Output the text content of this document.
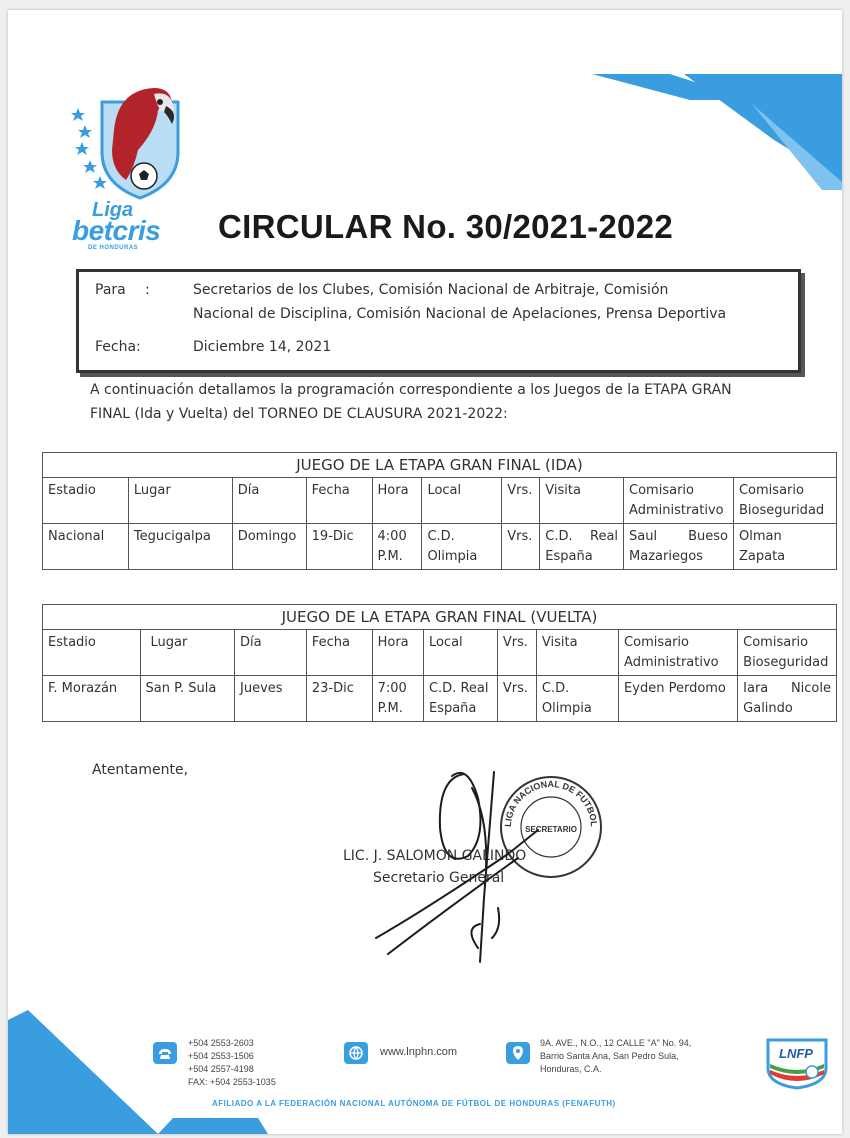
Liga
betcris
DE HONDURAS
CIRCULAR No. 30/2021-2022
Para :	Secretarios de los Clubes, Comisión Nacional de Arbitraje, Comisión
Nacional de Disciplina, Comisión Nacional de Apelaciones, Prensa Deportiva
Fecha:	Diciembre 14, 2021
A continuación detallamos la programación correspondiente a los Juegos de la ETAPA GRAN
FINAL (Ida y Vuelta) del TORNEO DE CLAUSURA 2021-2022:
JUEGO DE LA ETAPA GRAN FINAL (IDA)									
Estadio	Lugar	Día	Fecha	Hora	Local	Vrs.	Visita	Comisario Administrativo	Comisario Bioseguridad
Nacional	Tegucigalpa	Domingo	19-Dic	4:00 P.M.	C.D. Olimpia	Vrs.	C.D. Real España	Saul Bueso Mazariegos	Olman Zapata
JUEGO DE LA ETAPA GRAN FINAL (VUELTA)									
Estadio	Lugar	Día	Fecha	Hora	Local	Vrs.	Visita	Comisario Administrativo	Comisario Bioseguridad
F. Morazán	San P. Sula	Jueves	23-Dic	7:00 P.M.	C.D. Real España	Vrs.	C.D. Olimpia	Eyden Perdomo	Iara Nicole Galindo
Atentamente,
LIGA NACIONAL DE FUTBOL
SECRETARIO
LIC. J. SALOMON GALINDO
Secretario General
+504 2553-2603
+504 2553-1506
+504 2557-4198
FAX: +504 2553-1035
www.lnphn.com
9A. AVE., N.O., 12 CALLE "A" No. 94,
Barrio Santa Ana, San Pedro Sula,
Honduras, C.A.
LNFP
AFILIADO A LA FEDERACIÓN NACIONAL AUTÓNOMA DE FÚTBOL DE HONDURAS (FENAFUTH)
